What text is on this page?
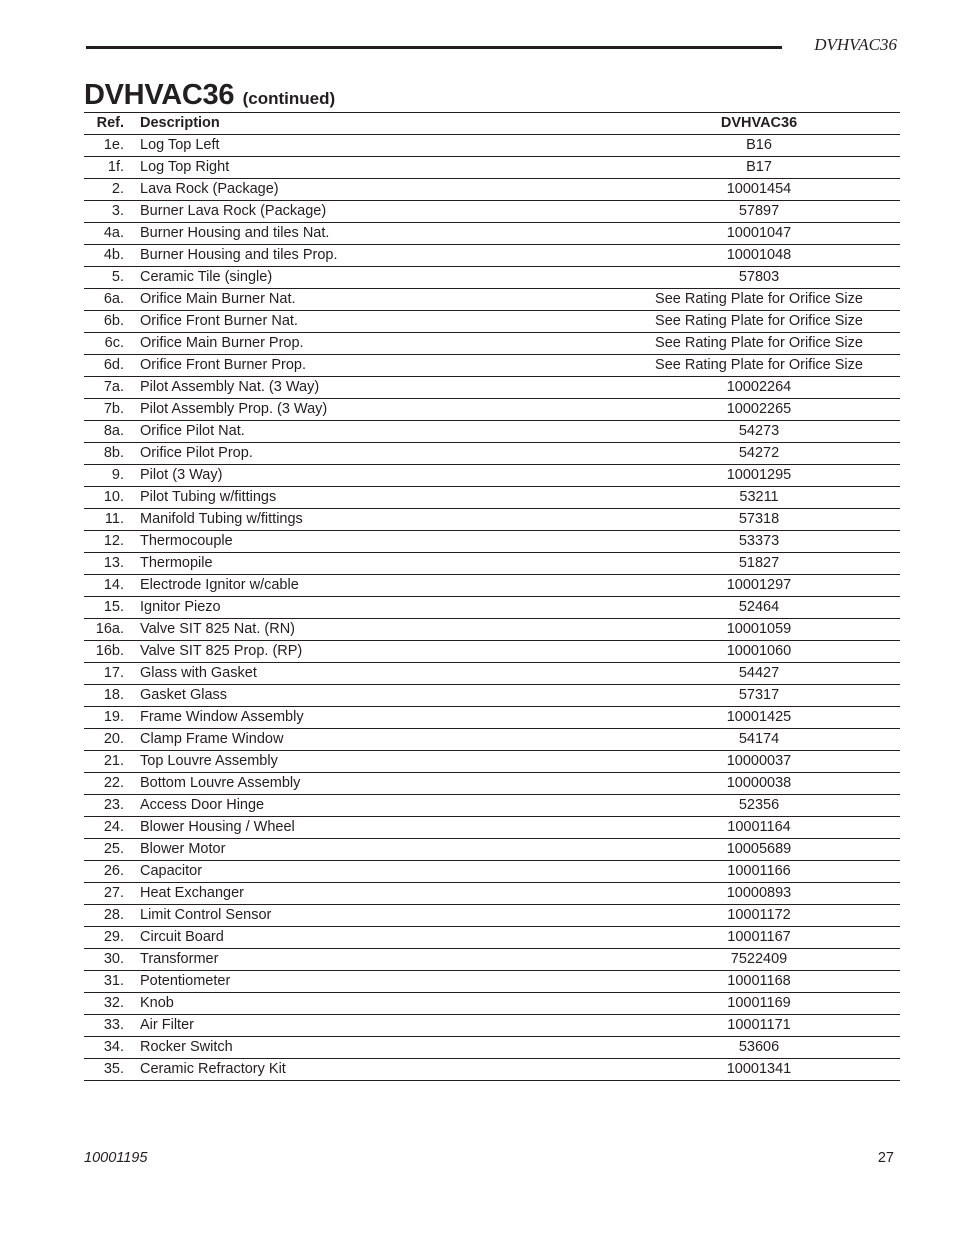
DVHVAC36
DVHVAC36 (continued)
Ref.	Description	DVHVAC36
1e.	Log Top Left	B16
1f.	Log Top Right	B17
2.	Lava Rock (Package)	10001454
3.	Burner Lava Rock (Package)	57897
4a.	Burner Housing and tiles Nat.	10001047
4b.	Burner Housing and tiles Prop.	10001048
5.	Ceramic Tile (single)	57803
6a.	Orifice Main Burner Nat.	See Rating Plate for Orifice Size
6b.	Orifice Front Burner Nat.	See Rating Plate for Orifice Size
6c.	Orifice Main Burner Prop.	See Rating Plate for Orifice Size
6d.	Orifice Front Burner Prop.	See Rating Plate for Orifice Size
7a.	Pilot Assembly Nat. (3 Way)	10002264
7b.	Pilot Assembly Prop. (3 Way)	10002265
8a.	Orifice Pilot Nat.	54273
8b.	Orifice Pilot Prop.	54272
9.	Pilot (3 Way)	10001295
10.	Pilot Tubing w/fittings	53211
11.	Manifold Tubing w/fittings	57318
12.	Thermocouple	53373
13.	Thermopile	51827
14.	Electrode Ignitor w/cable	10001297
15.	Ignitor Piezo	52464
16a.	Valve SIT 825 Nat. (RN)	10001059
16b.	Valve SIT 825 Prop. (RP)	10001060
17.	Glass with Gasket	54427
18.	Gasket Glass	57317
19.	Frame Window Assembly	10001425
20.	Clamp Frame Window	54174
21.	Top Louvre Assembly	10000037
22.	Bottom Louvre Assembly	10000038
23.	Access Door Hinge	52356
24.	Blower Housing / Wheel	10001164
25.	Blower Motor	10005689
26.	Capacitor	10001166
27.	Heat Exchanger	10000893
28.	Limit Control Sensor	10001172
29.	Circuit Board	10001167
30.	Transformer	7522409
31.	Potentiometer	10001168
32.	Knob	10001169
33.	Air Filter	10001171
34.	Rocker Switch	53606
35.	Ceramic Refractory Kit	10001341
10001195	27
